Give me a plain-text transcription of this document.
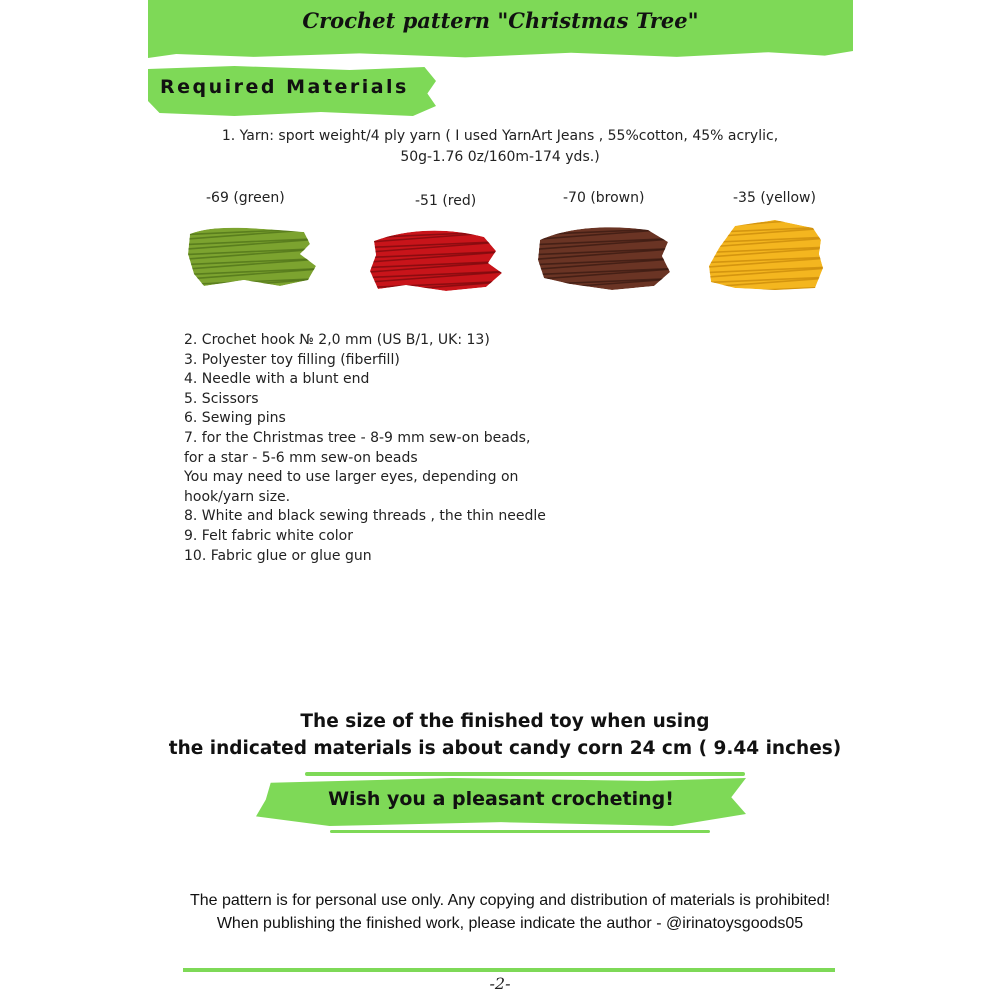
Crochet pattern "Christmas Tree"
Required Materials
1. Yarn: sport weight/4 ply yarn ( I used YarnArt Jeans , 55%cotton, 45% acrylic,
50g-1.76 0z/160m-174 yds.)
-69 (green)	-51 (red)	-70 (brown)	-35 (yellow)
2. Crochet hook № 2,0 mm (US B/1, UK: 13)
3. Polyester toy filling (fiberfill)
4. Needle with a blunt end
5. Scissors
6. Sewing pins
7. for the Christmas tree - 8-9 mm sew-on beads,
for a star - 5-6 mm sew-on beads
You may need to use larger eyes, depending on
hook/yarn size.
8. White and black sewing threads , the thin needle
9. Felt fabric white color
10. Fabric glue or glue gun
The size of the finished toy when using
the indicated materials is about candy corn 24 cm ( 9.44 inches)
Wish you a pleasant crocheting!
The pattern is for personal use only. Any copying and distribution of materials is prohibited!
When publishing the finished work, please indicate the author - @irinatoysgoods05
-2-
